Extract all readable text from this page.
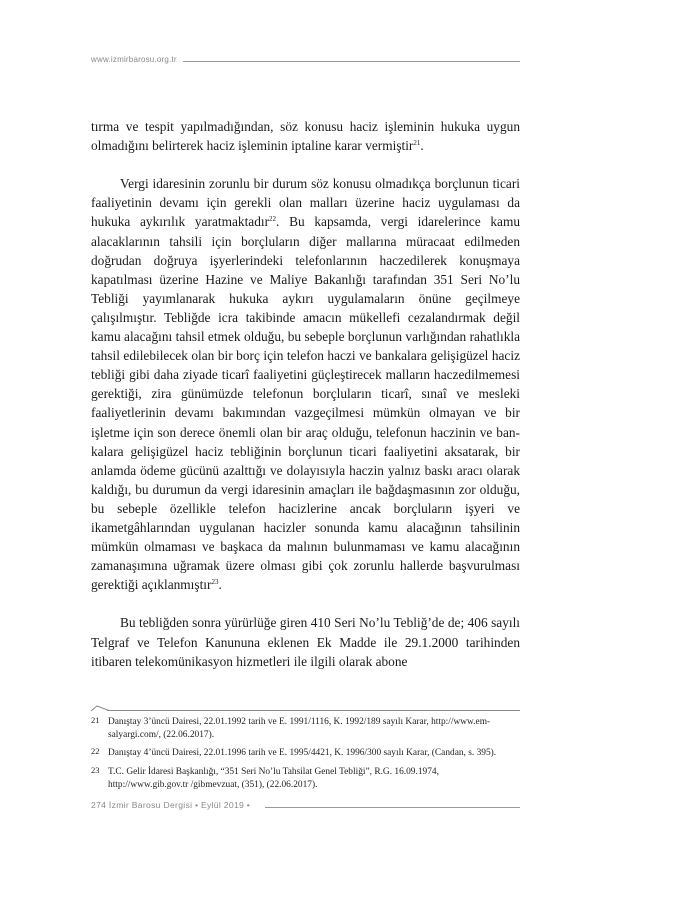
www.izmirbarosu.org.tr

tırma ve tespit yapılmadığından, söz konusu haciz işleminin hukuka uygun olmadığını belirterek haciz işleminin iptaline karar vermiştir$^{21}$.

Vergi idaresinin zorunlu bir durum söz konusu olmadıkça borçlunun ticari faaliyetinin devamı için gerekli olan malları üzerine haciz uygulaması da hukuka aykırılık yaratmaktadır$^{22}$. Bu kapsamda, vergi idarelerince kamu alacaklarının tahsili için borçluların diğer mallarına müracaat edilmeden doğrudan doğruya işyerlerindeki telefonlarının haczedilerek konuşmaya kapatılması üzerine Hazine ve Maliye Bakanlığı tarafından 351 Seri No’lu Tebliği yayımlanarak hukuka aykırı uygulamaların önüne geçilmeye çalışılmıştır. Tebliğde icra takibinde amacın mükellefi cezalandırmak değil kamu alacağını tahsil etmek olduğu, bu sebeple borçlunun varlığından rahatlıkla tahsil edilebilecek olan bir borç için telefon haczi ve bankalara gelişigüzel haciz tebliği gibi daha ziyade ticarî faaliyetini güçleştirecek malların haczedilmemesi gerektiği, zira günümüzde telefonun borçluların ticarî, sınaî ve mesleki faaliyetlerinin devamı bakımından vazgeçilmesi mümkün olmayan ve bir işletme için son derece önemli olan bir araç olduğu, telefonun haczinin ve bankalara gelişigüzel haciz tebliğinin borçlunun ticari faaliyetini aksatarak, bir anlamda ödeme gücünü azalttığı ve dolayısıyla haczin yalnız baskı aracı olarak kaldığı, bu durumun da vergi idaresinin amaçları ile bağdaşmasının zor olduğu, bu sebeple özellikle telefon hacizlerine ancak borçluların işyeri ve ikametgâhlarından uygulanan hacizler sonunda kamu alacağının tahsilinin mümkün olmaması ve başkaca da malının bulunmaması ve kamu alacağının zamanaşımına uğramak üzere olması gibi çok zorunlu hallerde başvurulması gerektiği açıklanmıştır$^{23}$.

Bu tebliğden sonra yürürlüğe giren 410 Seri No’lu Tebliğ’de de; 406 sayılı Telgraf ve Telefon Kanununa eklenen Ek Madde ile 29.1.2000 tarihinden itibaren telekomünikasyon hizmetleri ile ilgili olarak abone

21 Danıştay 3’üncü Dairesi, 22.01.1992 tarih ve E. 1991/1116, K. 1992/189 sayılı Karar, http://www.emsalyargi.com/, (22.06.2017).
22 Danıştay 4’üncü Dairesi, 22.01.1996 tarih ve E. 1995/4421, K. 1996/300 sayılı Karar, (Candan, s. 395).
23 T.C. Gelir İdaresi Başkanlığı, “351 Seri No’lu Tahsilat Genel Tebliği”, R.G. 16.09.1974, http://www.gib.gov.tr /gibmevzuat, (351), (22.06.2017).
274 İzmir Barosu Dergisi • Eylül 2019 •
